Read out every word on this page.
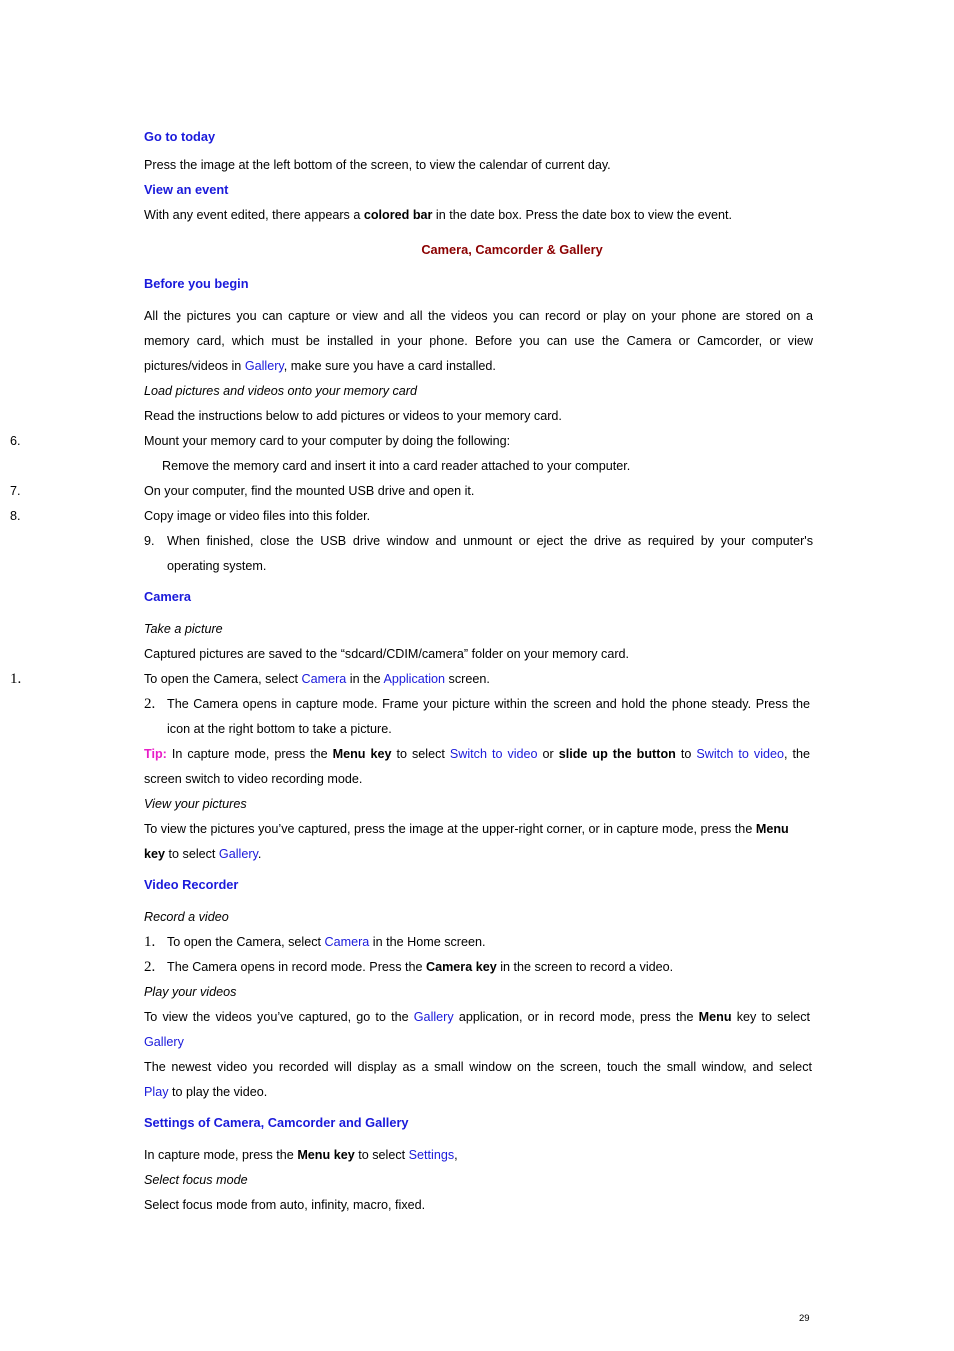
Go to today
Press the image at the left bottom of the screen, to view the calendar of current day.
View an event
With any event edited, there appears a colored bar in the date box. Press the date box to view the event.
Camera, Camcorder & Gallery
Before you begin
All the pictures you can capture or view and all the videos you can record or play on your phone are stored on a
memory card, which must be installed in your phone. Before you can use the Camera or Camcorder, or view
pictures/videos in Gallery, make sure you have a card installed.
Load pictures and videos onto your memory card
Read the instructions below to add pictures or videos to your memory card.
6.	Mount your memory card to your computer by doing the following:
Remove the memory card and insert it into a card reader attached to your computer.
7.	On your computer, find the mounted USB drive and open it.
8.	Copy image or video files into this folder.
9. When finished, close the USB drive window and unmount or eject the drive as required by your computer's
operating system.
Camera
Take a picture
Captured pictures are saved to the “sdcard/CDIM/camera” folder on your memory card.
1.	To open the Camera, select Camera in the Application screen.
2. The Camera opens in capture mode. Frame your picture within the screen and hold the phone steady. Press the
icon at the right bottom to take a picture.
Tip: In capture mode, press the Menu key to select Switch to video or slide up the button to Switch to video, the
screen switch to video recording mode.
View your pictures
To view the pictures you’ve captured, press the image at the upper-right corner, or in capture mode, press the Menu
key to select Gallery.
Video Recorder
Record a video
1. To open the Camera, select Camera in the Home screen.
2. The Camera opens in record mode. Press the Camera key in the screen to record a video.
Play your videos
To view the videos you’ve captured, go to the Gallery application, or in record mode, press the Menu key to select
Gallery
The newest video you recorded will display as a small window on the screen, touch the small window, and select
Play to play the video.
Settings of Camera, Camcorder and Gallery
In capture mode, press the Menu key to select Settings,
Select focus mode
Select focus mode from auto, infinity, macro, fixed.
29
